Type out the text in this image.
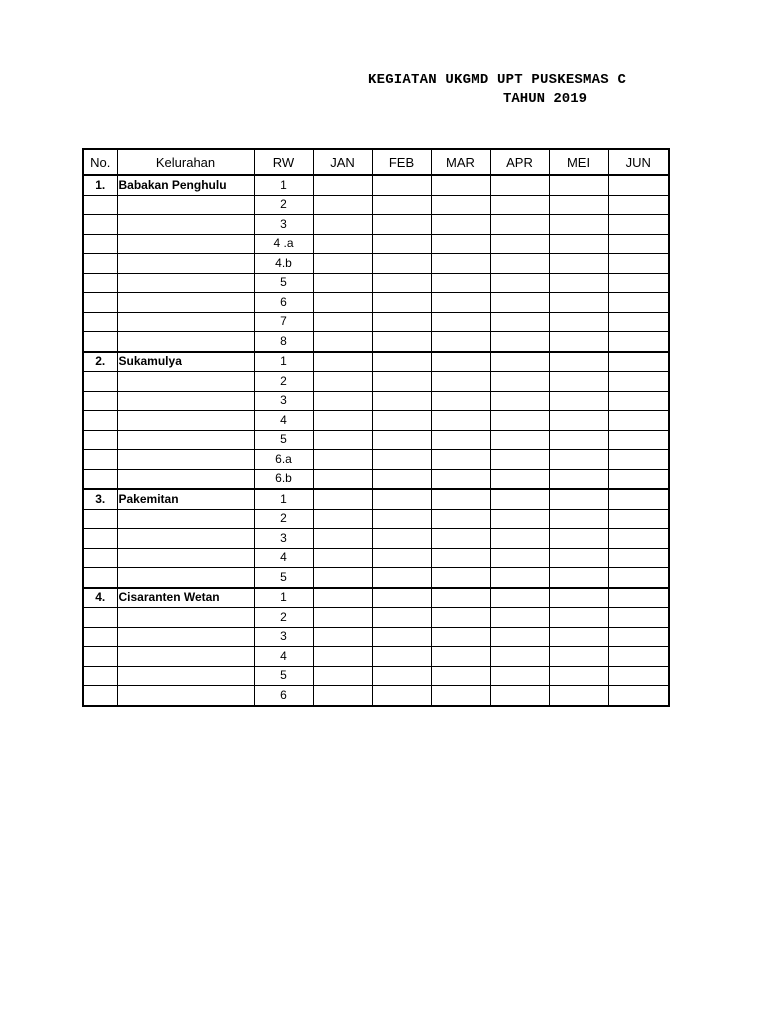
KEGIATAN UKGMD UPT PUSKESMAS C
TAHUN 2019
No.	Kelurahan	RW	JAN	FEB	MAR	APR	MEI	JUN
1.	Babakan Penghulu	1						
		2						
		3						
		4 .a						
		4.b						
		5						
		6						
		7						
		8						
2.	Sukamulya	1						
		2						
		3						
		4						
		5						
		6.a						
		6.b						
3.	Pakemitan	1						
		2						
		3						
		4						
		5						
4.	Cisaranten Wetan	1						
		2						
		3						
		4						
		5						
		6						
